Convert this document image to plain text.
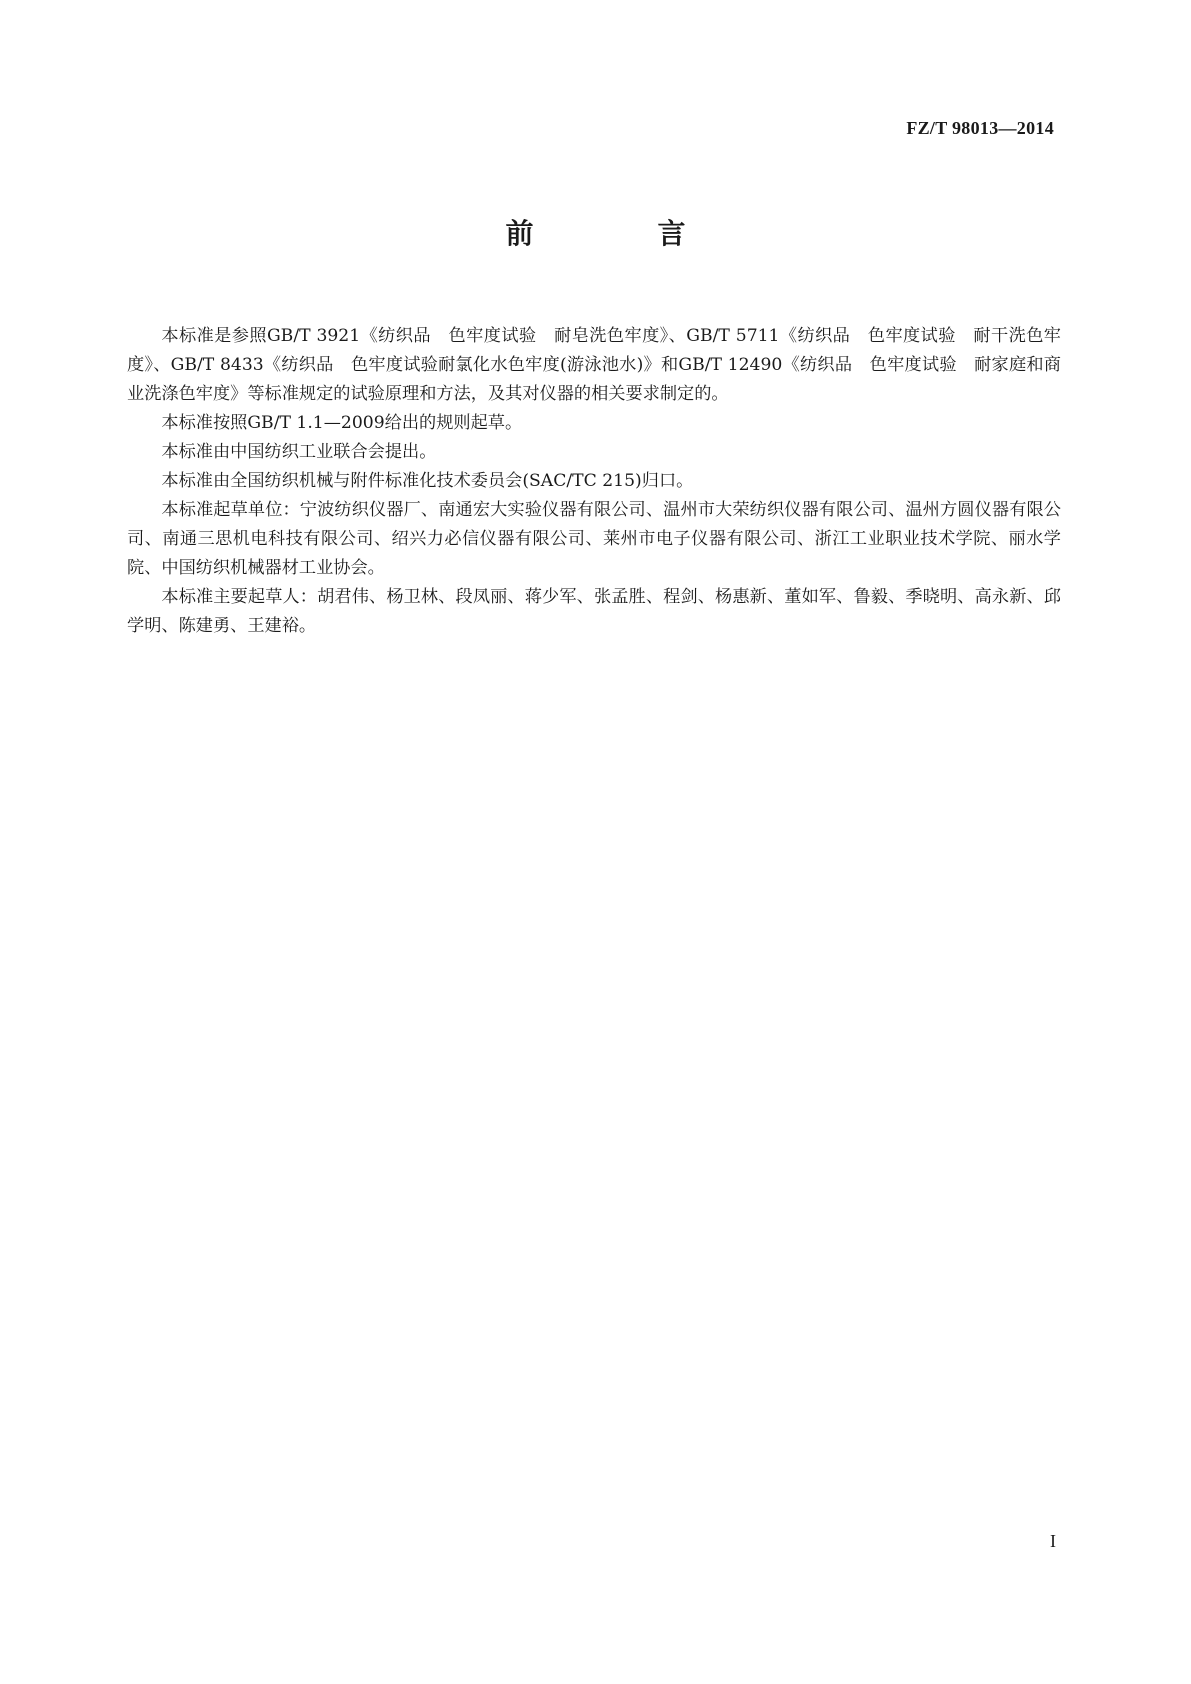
FZ/T 98013—2014
前　言

本标准是参照GB/T 3921《纺织品　色牢度试验　耐皂洗色牢度》、GB/T 5711《纺织品　色牢度试验　耐干洗色牢度》、GB/T 8433《纺织品　色牢度试验耐氯化水色牢度(游泳池水)》和GB/T 12490《纺织品　色牢度试验　耐家庭和商业洗涤色牢度》等标准规定的试验原理和方法，及其对仪器的相关要求制定的。

本标准按照GB/T 1.1—2009给出的规则起草。

本标准由中国纺织工业联合会提出。

本标准由全国纺织机械与附件标准化技术委员会(SAC/TC 215)归口。

本标准起草单位：宁波纺织仪器厂、南通宏大实验仪器有限公司、温州市大荣纺织仪器有限公司、温州方圆仪器有限公司、南通三思机电科技有限公司、绍兴力必信仪器有限公司、莱州市电子仪器有限公司、浙江工业职业技术学院、丽水学院、中国纺织机械器材工业协会。

本标准主要起草人：胡君伟、杨卫林、段凤丽、蒋少军、张孟胜、程剑、杨惠新、董如军、鲁毅、季晓明、高永新、邱学明、陈建勇、王建裕。

I
